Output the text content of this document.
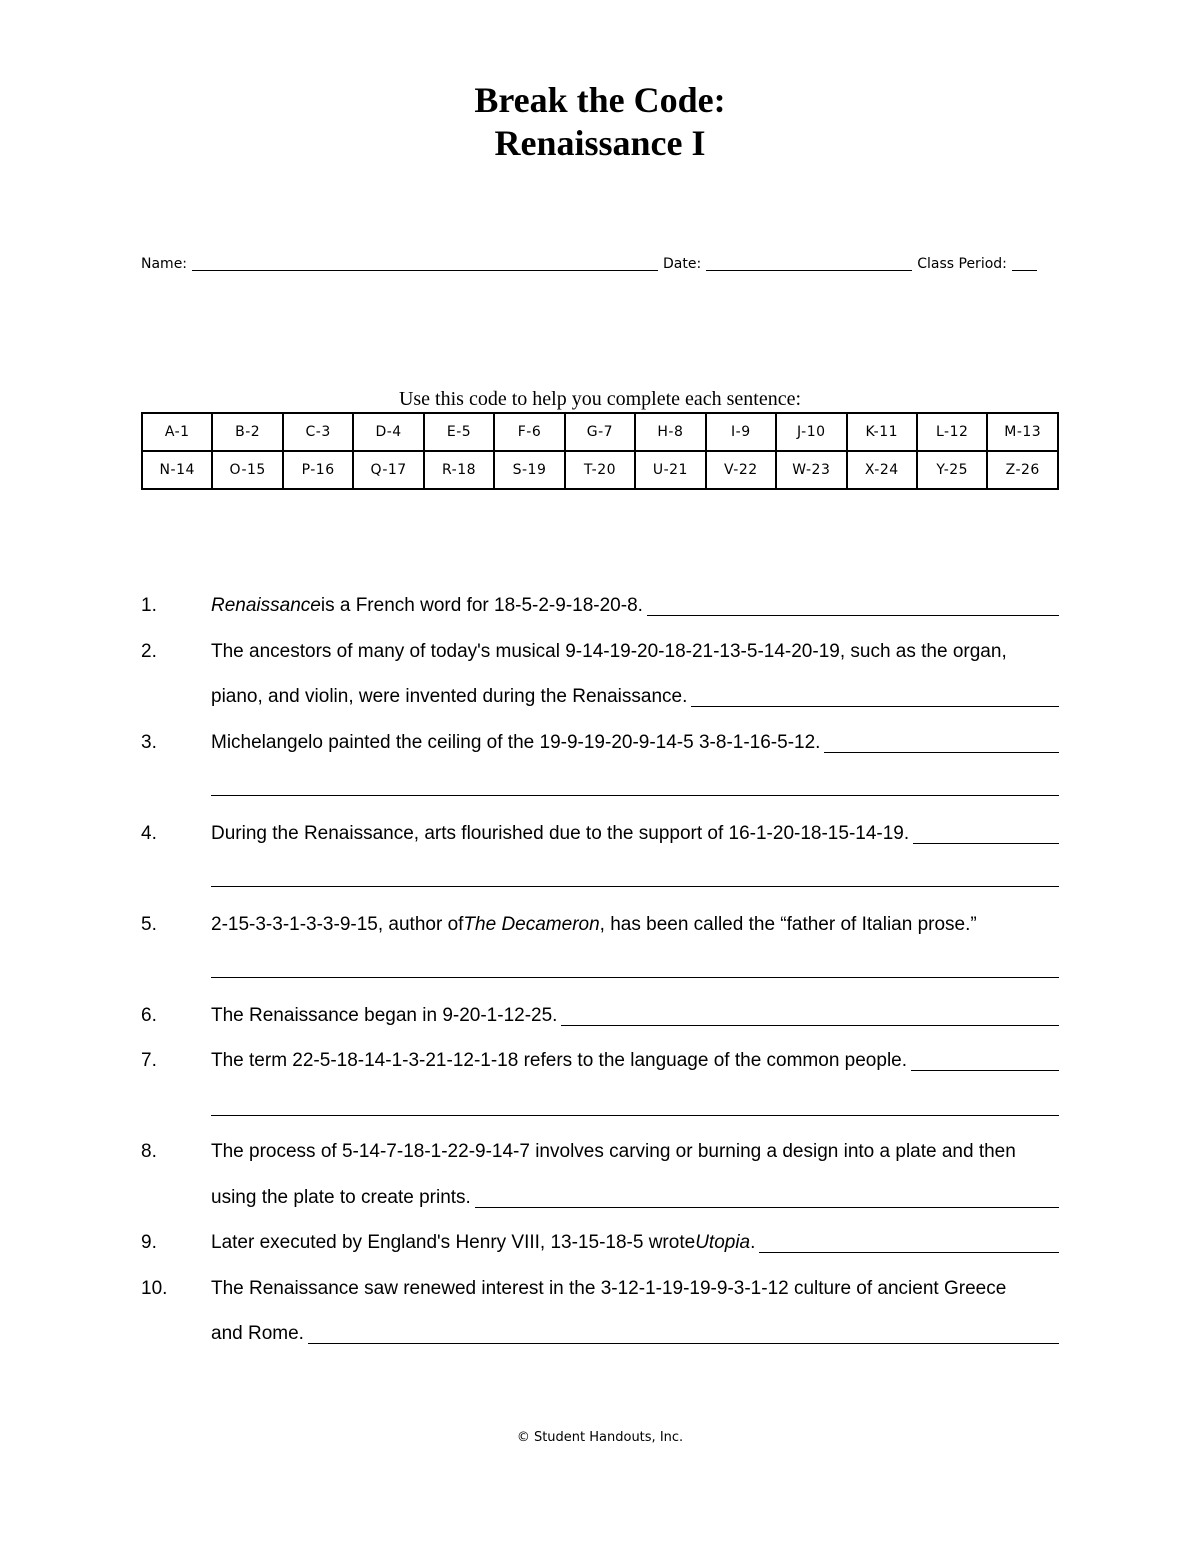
Break the Code:
Renaissance I
Name:	Date:	Class Period:
Use this code to help you complete each sentence:
A-1	B-2	C-3	D-4	E-5	F-6	G-7	H-8	I-9	J-10	K-11	L-12	M-13
N-14	O-15	P-16	Q-17	R-18	S-19	T-20	U-21	V-22	W-23	X-24	Y-25	Z-26
1.	Renaissance is a French word for 18-5-2-9-18-20-8.
2.	The ancestors of many of today's musical 9-14-19-20-18-21-13-5-14-20-19, such as the organ,
piano, and violin, were invented during the Renaissance.
3.	Michelangelo painted the ceiling of the 19-9-19-20-9-14-5 3-8-1-16-5-12.
4.	During the Renaissance, arts flourished due to the support of 16-1-20-18-15-14-19.
5.	2-15-3-3-1-3-3-9-15, author of The Decameron , has been called the “father of Italian prose.”
6.	The Renaissance began in 9-20-1-12-25.
7.	The term 22-5-18-14-1-3-21-12-1-18 refers to the language of the common people.
8.	The process of 5-14-7-18-1-22-9-14-7 involves carving or burning a design into a plate and then
using the plate to create prints.
9.	Later executed by England's Henry VIII, 13-15-18-5 wrote Utopia .
10.	The Renaissance saw renewed interest in the 3-12-1-19-19-9-3-1-12 culture of ancient Greece
and Rome.
© Student Handouts, Inc.
